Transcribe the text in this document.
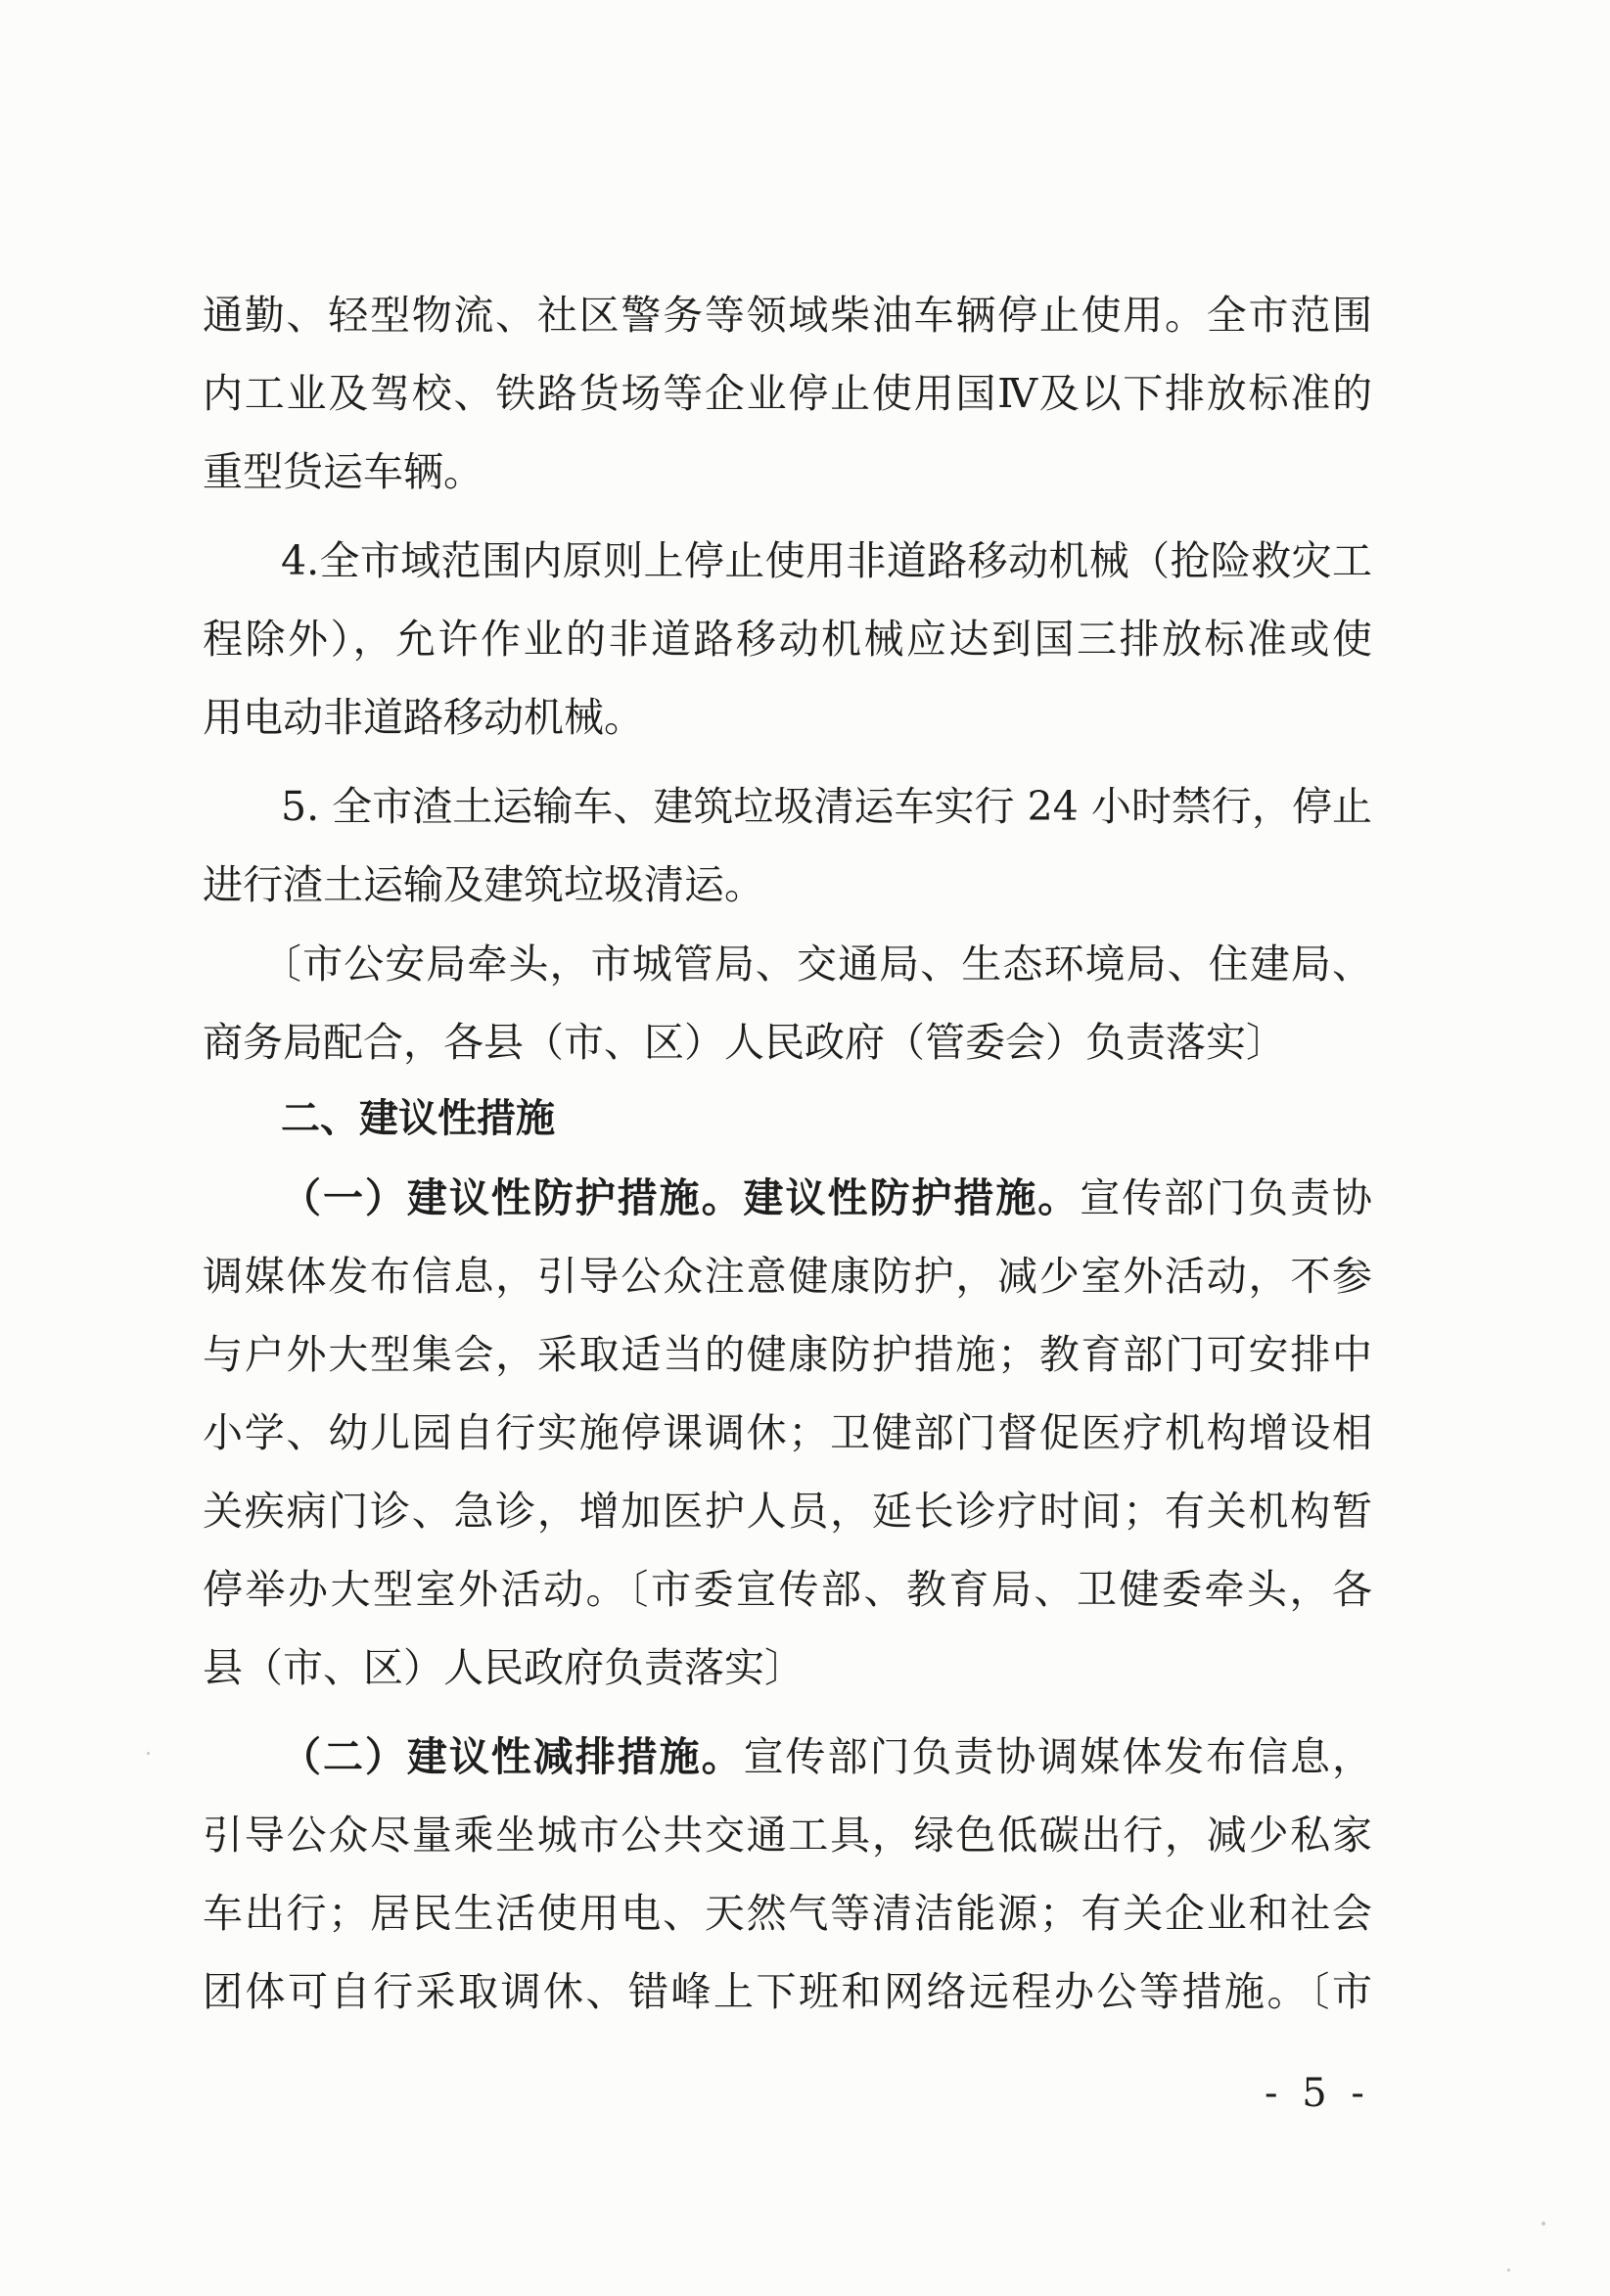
通勤、轻型物流、社区警务等领域柴油车辆停止使用。全市范围
内工业及驾校、铁路货场等企业停止使用国Ⅳ及以下排放标准的
重型货运车辆。
4.全市域范围内原则上停止使用非道路移动机械（抢险救灾工
程除外），允许作业的非道路移动机械应达到国三排放标准或使
用电动非道路移动机械。
5. 全市渣土运输车、建筑垃圾清运车实行 24 小时禁行，停止
进行渣土运输及建筑垃圾清运。
〔市公安局牵头，市城管局、交通局、生态环境局、住建局、
商务局配合，各县（市、区）人民政府（管委会）负责落实〕
二、建议性措施
（一）建议性防护措施。建议性防护措施。宣传部门负责协
调媒体发布信息，引导公众注意健康防护，减少室外活动，不参
与户外大型集会，采取适当的健康防护措施；教育部门可安排中
小学、幼儿园自行实施停课调休；卫健部门督促医疗机构增设相
关疾病门诊、急诊，增加医护人员，延长诊疗时间；有关机构暂
停举办大型室外活动。〔市委宣传部、教育局、卫健委牵头，各
县（市、区）人民政府负责落实〕
（二）建议性减排措施。宣传部门负责协调媒体发布信息，
引导公众尽量乘坐城市公共交通工具，绿色低碳出行，减少私家
车出行；居民生活使用电、天然气等清洁能源；有关企业和社会
团体可自行采取调休、错峰上下班和网络远程办公等措施。〔市
- 5 -
